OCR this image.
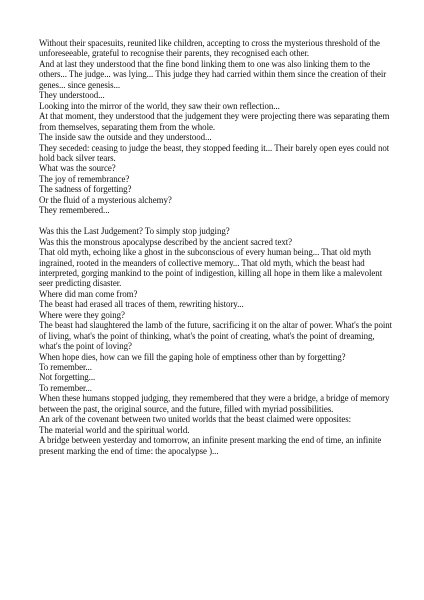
Without their spacesuits, reunited like children, accepting to cross the mysterious threshold of the unforeseeable, grateful to recognise their parents, they recognised each other.

And at last they understood that the fine bond linking them to one was also linking them to the others... The judge... was lying... This judge they had carried within them since the creation of their genes... since genesis...

They understood...

Looking into the mirror of the world, they saw their own reflection...

At that moment, they understood that the judgement they were projecting there was separating them from themselves, separating them from the whole.

The inside saw the outside and they understood...

They seceded: ceasing to judge the beast, they stopped feeding it... Their barely open eyes could not hold back silver tears.

What was the source?

The joy of remembrance?

The sadness of forgetting?

Or the fluid of a mysterious alchemy?

They remembered...

Was this the Last Judgement? To simply stop judging?

Was this the monstrous apocalypse described by the ancient sacred text?

That old myth, echoing like a ghost in the subconscious of every human being... That old myth ingrained, rooted in the meanders of collective memory... That old myth, which the beast had interpreted, gorging mankind to the point of indigestion, killing all hope in them like a malevolent seer predicting disaster.

Where did man come from?

The beast had erased all traces of them, rewriting history...

Where were they going?

The beast had slaughtered the lamb of the future, sacrificing it on the altar of power. What's the point of living, what's the point of thinking, what's the point of creating, what's the point of dreaming, what's the point of loving?

When hope dies, how can we fill the gaping hole of emptiness other than by forgetting?

To remember...

Not forgetting...

To remember...

When these humans stopped judging, they remembered that they were a bridge, a bridge of memory between the past, the original source, and the future, filled with myriad possibilities.

An ark of the covenant between two united worlds that the beast claimed were opposites:

The material world and the spiritual world.

A bridge between yesterday and tomorrow, an infinite present marking the end of time, an infinite present marking the end of time: the apocalypse )...
